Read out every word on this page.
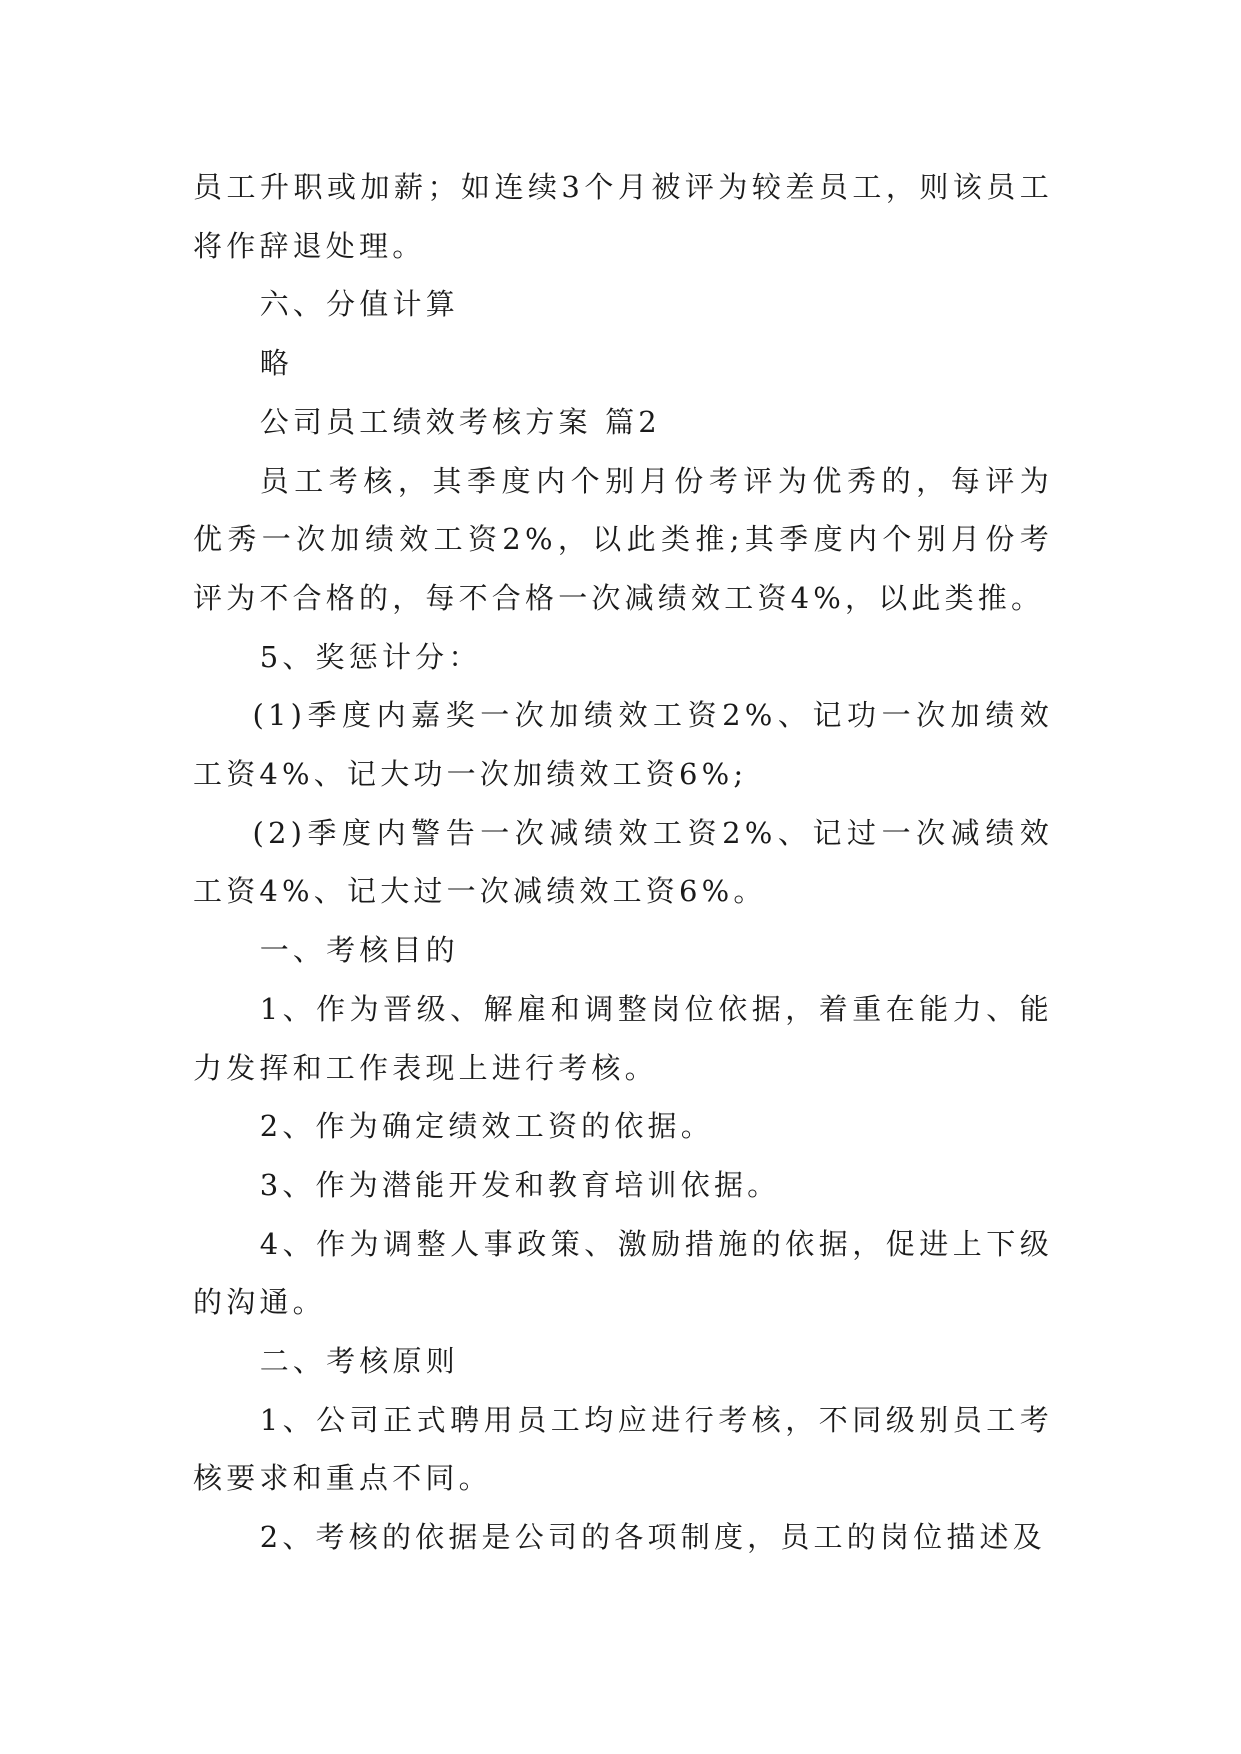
员工升职或加薪；如连续3个月被评为较差员工，则该员工将作辞退处理。

六、分值计算

略

公司员工绩效考核方案 篇2

员工考核，其季度内个别月份考评为优秀的，每评为优秀一次加绩效工资2%，以此类推;其季度内个别月份考评为不合格的，每不合格一次减绩效工资4%，以此类推。

5、奖惩计分：

(1)季度内嘉奖一次加绩效工资2%、记功一次加绩效工资4%、记大功一次加绩效工资6%;

(2)季度内警告一次减绩效工资2%、记过一次减绩效工资4%、记大过一次减绩效工资6%。

一、考核目的

1、作为晋级、解雇和调整岗位依据，着重在能力、能力发挥和工作表现上进行考核。

2、作为确定绩效工资的依据。

3、作为潜能开发和教育培训依据。

4、作为调整人事政策、激励措施的依据，促进上下级的沟通。

二、考核原则

1、公司正式聘用员工均应进行考核，不同级别员工考核要求和重点不同。

2、考核的依据是公司的各项制度，员工的岗位描述及
